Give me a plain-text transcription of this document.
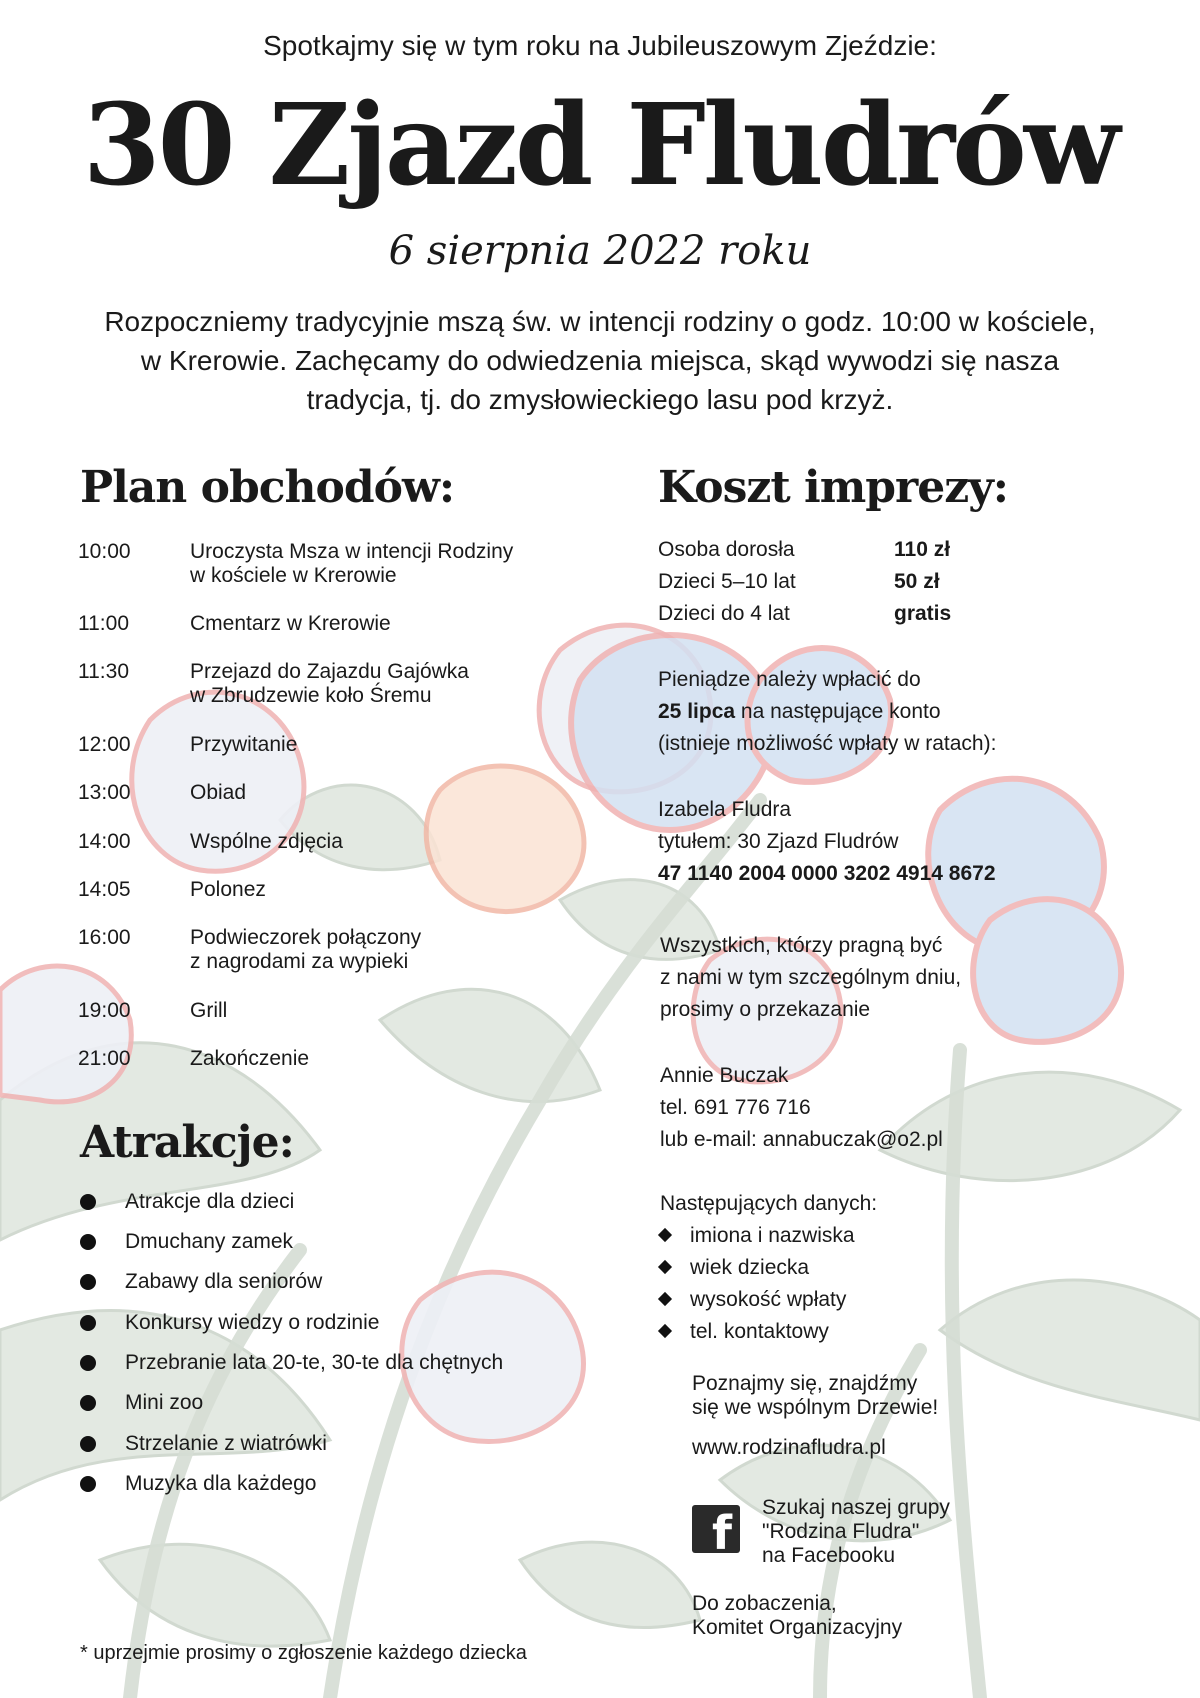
Spotkajmy się w tym roku na Jubileuszowym Zjeździe:

30 Zjazd Fludrów

6 sierpnia 2022 roku

Rozpoczniemy tradycyjnie mszą św. w intencji rodziny o godz. 10:00 w kościele, w Krerowie. Zachęcamy do odwiedzenia miejsca, skąd wywodzi się nasza tradycja, tj. do zmysłowieckiego lasu pod krzyż.

Plan obchodów:
10:00	Uroczysta Msza w intencji Rodziny
w kościele w Krerowie
11:00	Cmentarz w Krerowie
11:30	Przejazd do Zajazdu Gajówka
w Zbrudzewie koło Śremu
12:00	Przywitanie
13:00	Obiad
14:00	Wspólne zdjęcia
14:05	Polonez
16:00	Podwieczorek połączony
z nagrodami za wypieki
19:00	Grill
21:00	Zakończenie
Atrakcje:
Atrakcje dla dzieci
Dmuchany zamek
Zabawy dla seniorów
Konkursy wiedzy o rodzinie
Przebranie lata 20-te, 30-te dla chętnych
Mini zoo
Strzelanie z wiatrówki
Muzyka dla każdego

* uprzejmie prosimy o zgłoszenie każdego dziecka

Koszt imprezy:
Osoba dorosła	110 zł
Dzieci 5–10 lat	50 zł
Dzieci do 4 lat	gratis
Pieniądze należy wpłacić do
25 lipca na następujące konto
(istnieje możliwość wpłaty w ratach):
Izabela Fludra
tytułem: 30 Zjazd Fludrów
47 1140 2004 0000 3202 4914 8672
Wszystkich, którzy pragną być
z nami w tym szczególnym dniu,
prosimy o przekazanie
Annie Buczak
tel. 691 776 716
lub e-mail: annabuczak@o2.pl
Następujących danych:
imiona i nazwiska
wiek dziecka
wysokość wpłaty
tel. kontaktowy
Poznajmy się, znajdźmy
się we wspólnym Drzewie!
www.rodzinafludra.pl
f Szukaj naszej grupy
"Rodzina Fludra"
na Facebooku
Do zobaczenia,
Komitet Organizacyjny
